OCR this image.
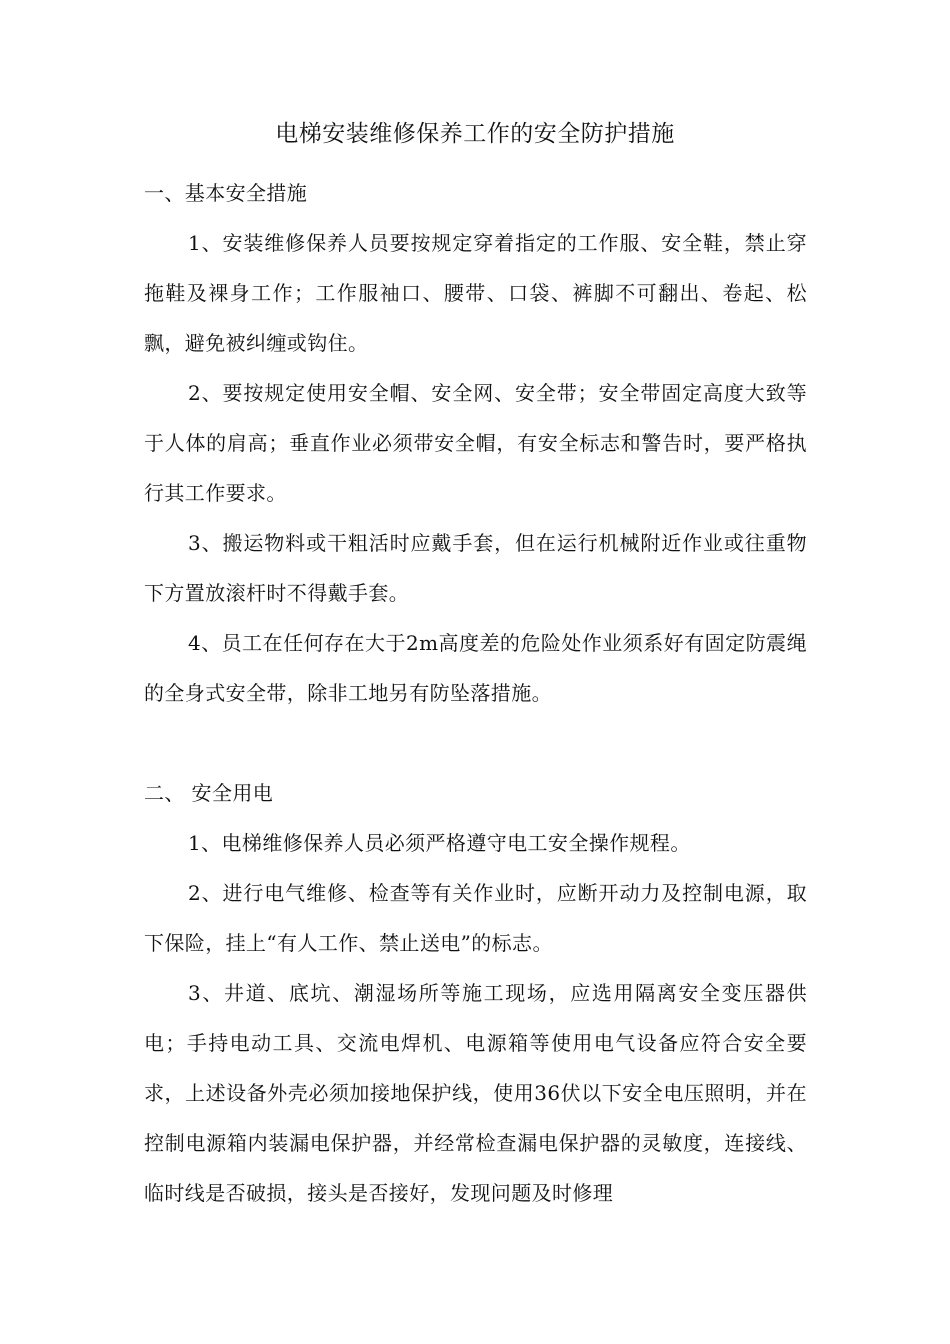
电梯安装维修保养工作的安全防护措施

一、基本安全措施

1、安装维修保养人员要按规定穿着指定的工作服、安全鞋，禁止穿拖鞋及裸身工作；工作服袖口、腰带、口袋、裤脚不可翻出、卷起、松飘，避免被纠缠或钩住。

2、要按规定使用安全帽、安全网、安全带；安全带固定高度大致等于人体的肩高；垂直作业必须带安全帽，有安全标志和警告时，要严格执行其工作要求。

3、搬运物料或干粗活时应戴手套，但在运行机械附近作业或往重物下方置放滚杆时不得戴手套。

4、员工在任何存在大于2m高度差的危险处作业须系好有固定防震绳的全身式安全带，除非工地另有防坠落措施。

二、 安全用电

1、电梯维修保养人员必须严格遵守电工安全操作规程。

2、进行电气维修、检查等有关作业时，应断开动力及控制电源，取下保险，挂上“有人工作、禁止送电”的标志。

3、井道、底坑、潮湿场所等施工现场，应选用隔离安全变压器供电；手持电动工具、交流电焊机、电源箱等使用电气设备应符合安全要求，上述设备外壳必须加接地保护线，使用36伏以下安全电压照明，并在控制电源箱内装漏电保护器，并经常检查漏电保护器的灵敏度，连接线、临时线是否破损，接头是否接好，发现问题及时修理
